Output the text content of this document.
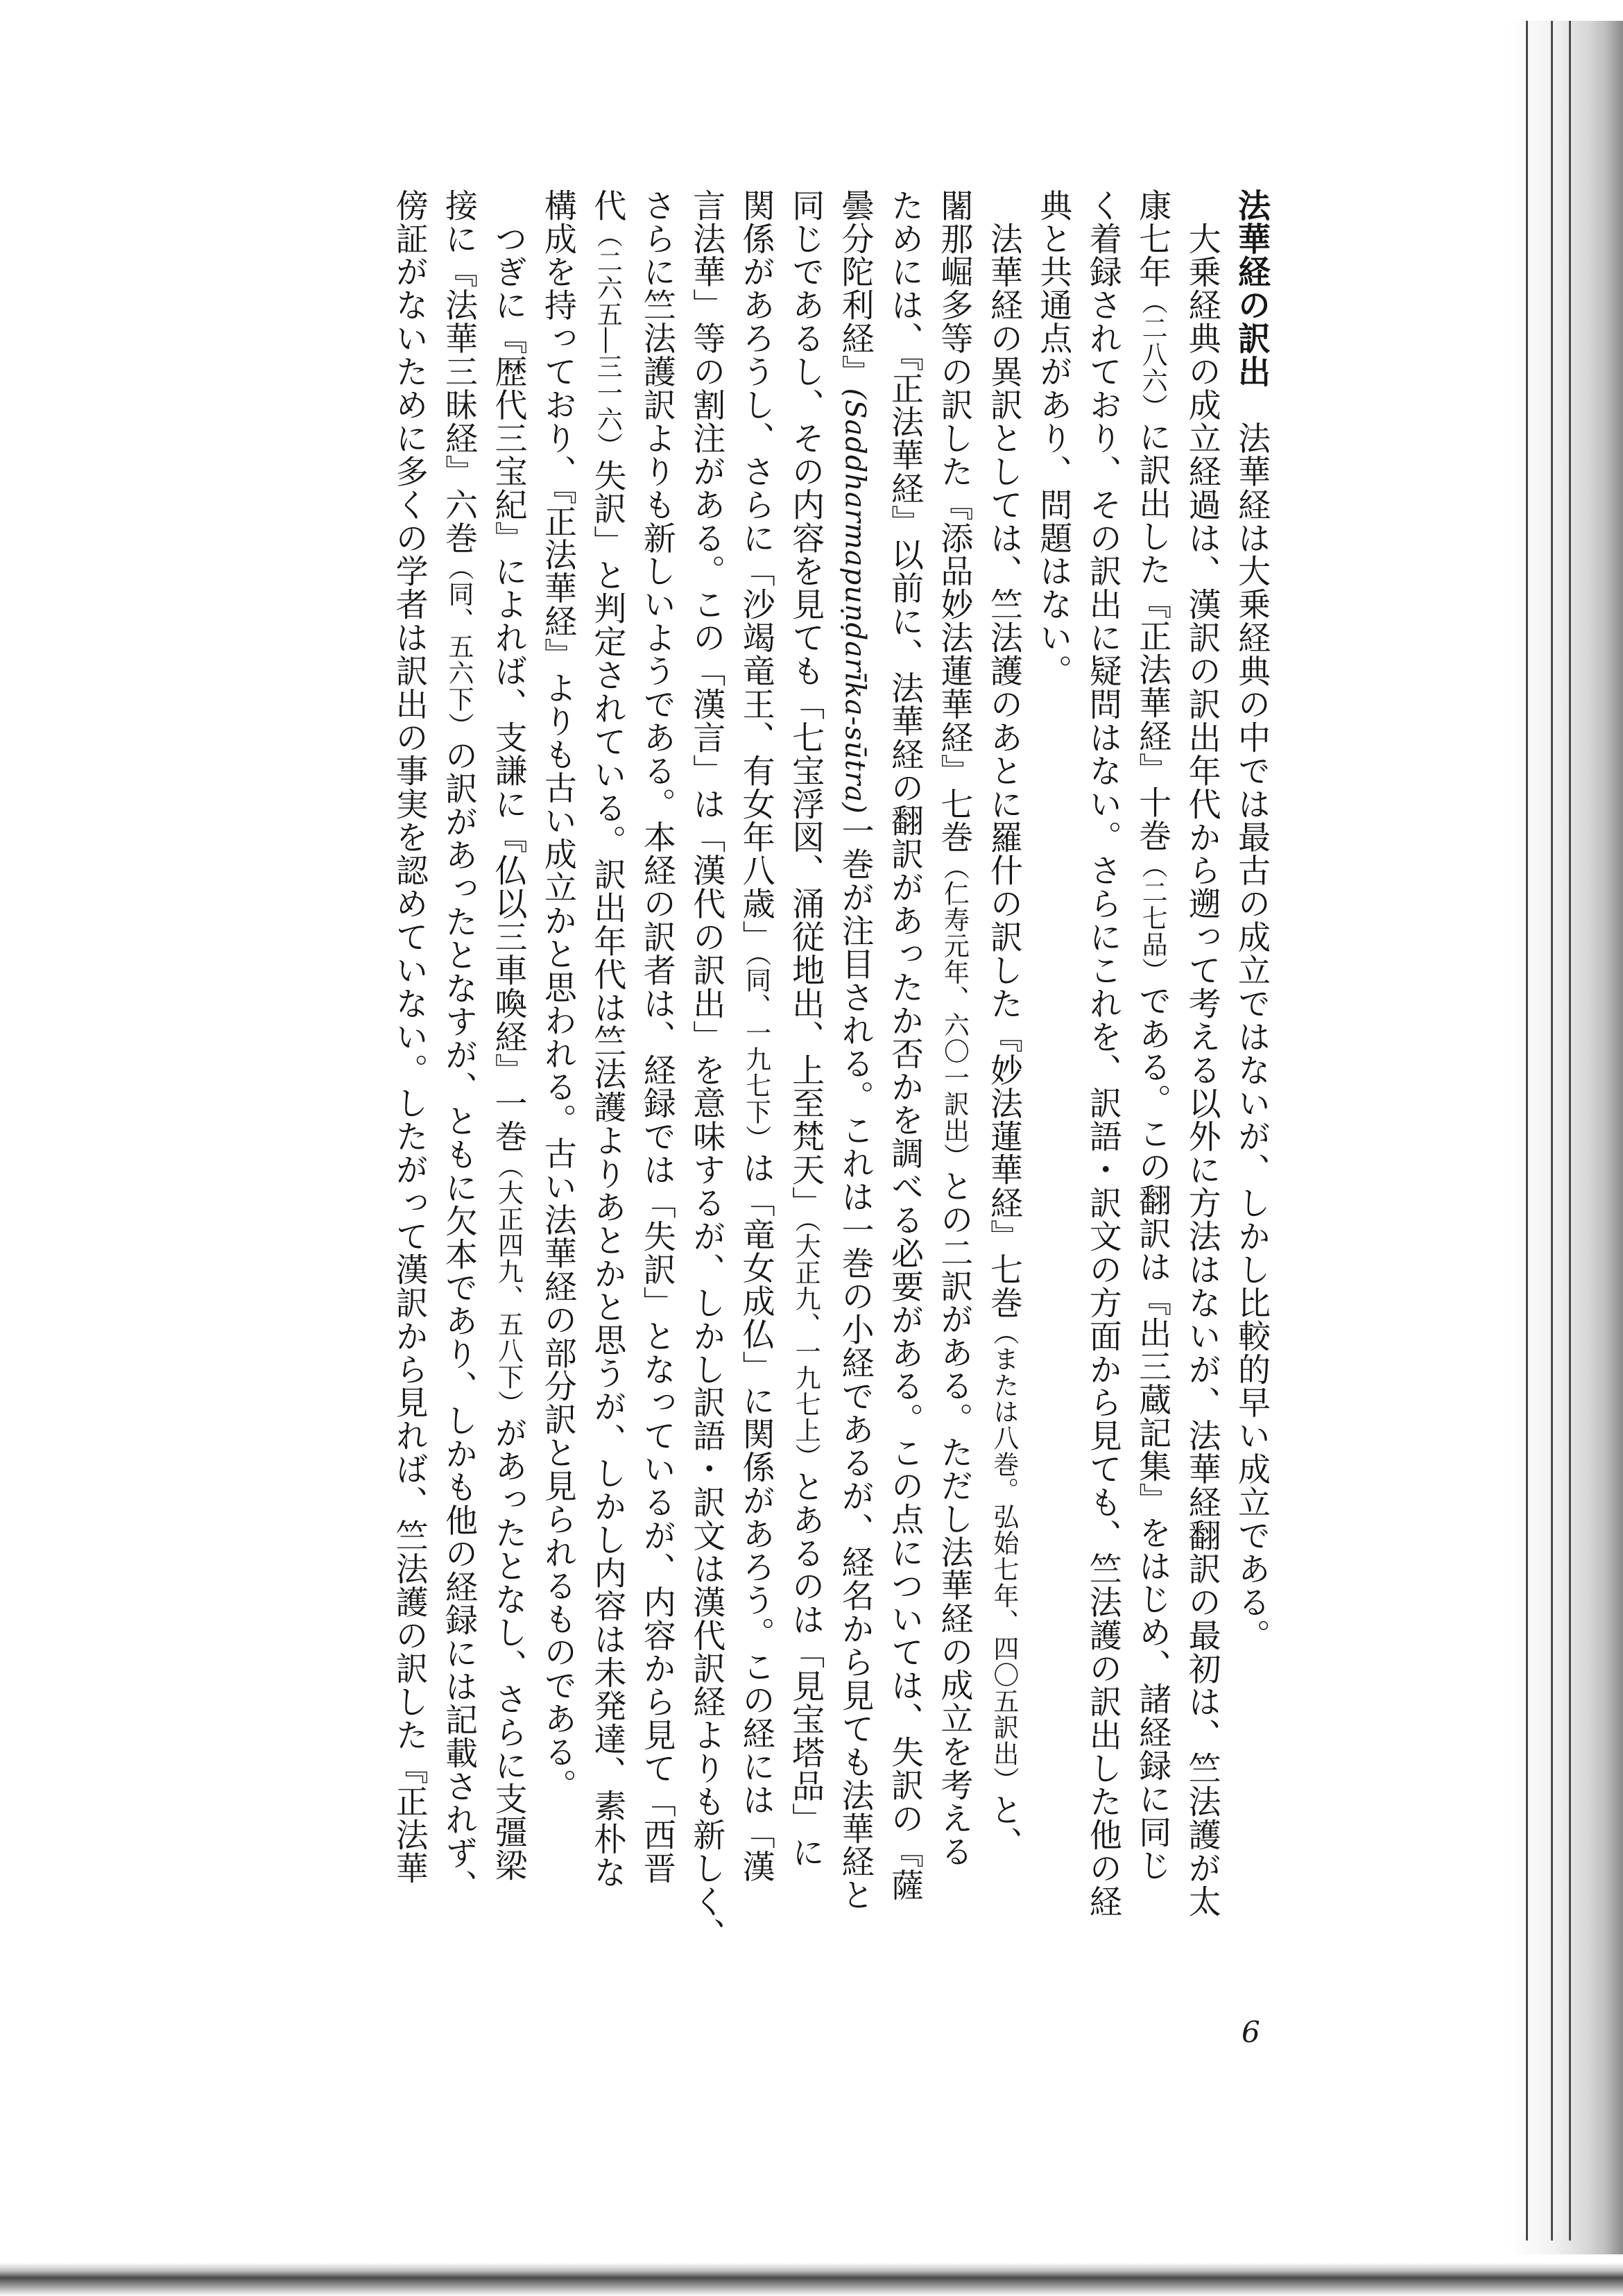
法華経の訳出　法華経は大乗経典の中では最古の成立ではないが、しかし比較的早い成立である。
大乗経典の成立経過は、漢訳の訳出年代から遡って考える以外に方法はないが、法華経翻訳の最初は、竺法護が太
康七年（二八六）に訳出した『正法華経』十巻（二七品）である。この翻訳は『出三蔵記集』をはじめ、諸経録に同じ
く着録されており、その訳出に疑問はない。さらにこれを、訳語・訳文の方面から見ても、竺法護の訳出した他の経
典と共通点があり、問題はない。
法華経の異訳としては、竺法護のあとに羅什の訳した『妙法蓮華経』七巻（または八巻。弘始七年、四〇五訳出）と、
闍那崛多等の訳した『添品妙法蓮華経』七巻（仁寿元年、六〇一訳出）との二訳がある。ただし法華経の成立を考える
ためには、『正法華経』以前に、法華経の翻訳があったか否かを調べる必要がある。この点については、失訳の『薩
曇分陀利経』(Saddharmapuṇḍarīka-sūtra)一巻が注目される。これは一巻の小経であるが、経名から見ても法華経と
同じであるし、その内容を見ても「七宝浮図、涌従地出、上至梵天」（大正九、一九七上）とあるのは「見宝塔品」に
関係があろうし、さらに「沙竭竜王、有女年八歳」（同、一九七下）は「竜女成仏」に関係があろう。この経には「漢
言法華」等の割注がある。この「漢言」は「漢代の訳出」を意味するが、しかし訳語・訳文は漢代訳経よりも新しく、
さらに竺法護訳よりも新しいようである。本経の訳者は、経録では「失訳」となっているが、内容から見て「西晋
代（二六五―三一六）失訳」と判定されている。訳出年代は竺法護よりあとかと思うが、しかし内容は未発達、素朴な
構成を持っており、『正法華経』よりも古い成立かと思われる。古い法華経の部分訳と見られるものである。
つぎに『歴代三宝紀』によれば、支謙に『仏以三車喚経』一巻（大正四九、五八下）があったとなし、さらに支彊梁
接に『法華三昧経』六巻（同、五六下）の訳があったとなすが、ともに欠本であり、しかも他の経録には記載されず、
傍証がないために多くの学者は訳出の事実を認めていない。したがって漢訳から見れば、竺法護の訳した『正法華
6
